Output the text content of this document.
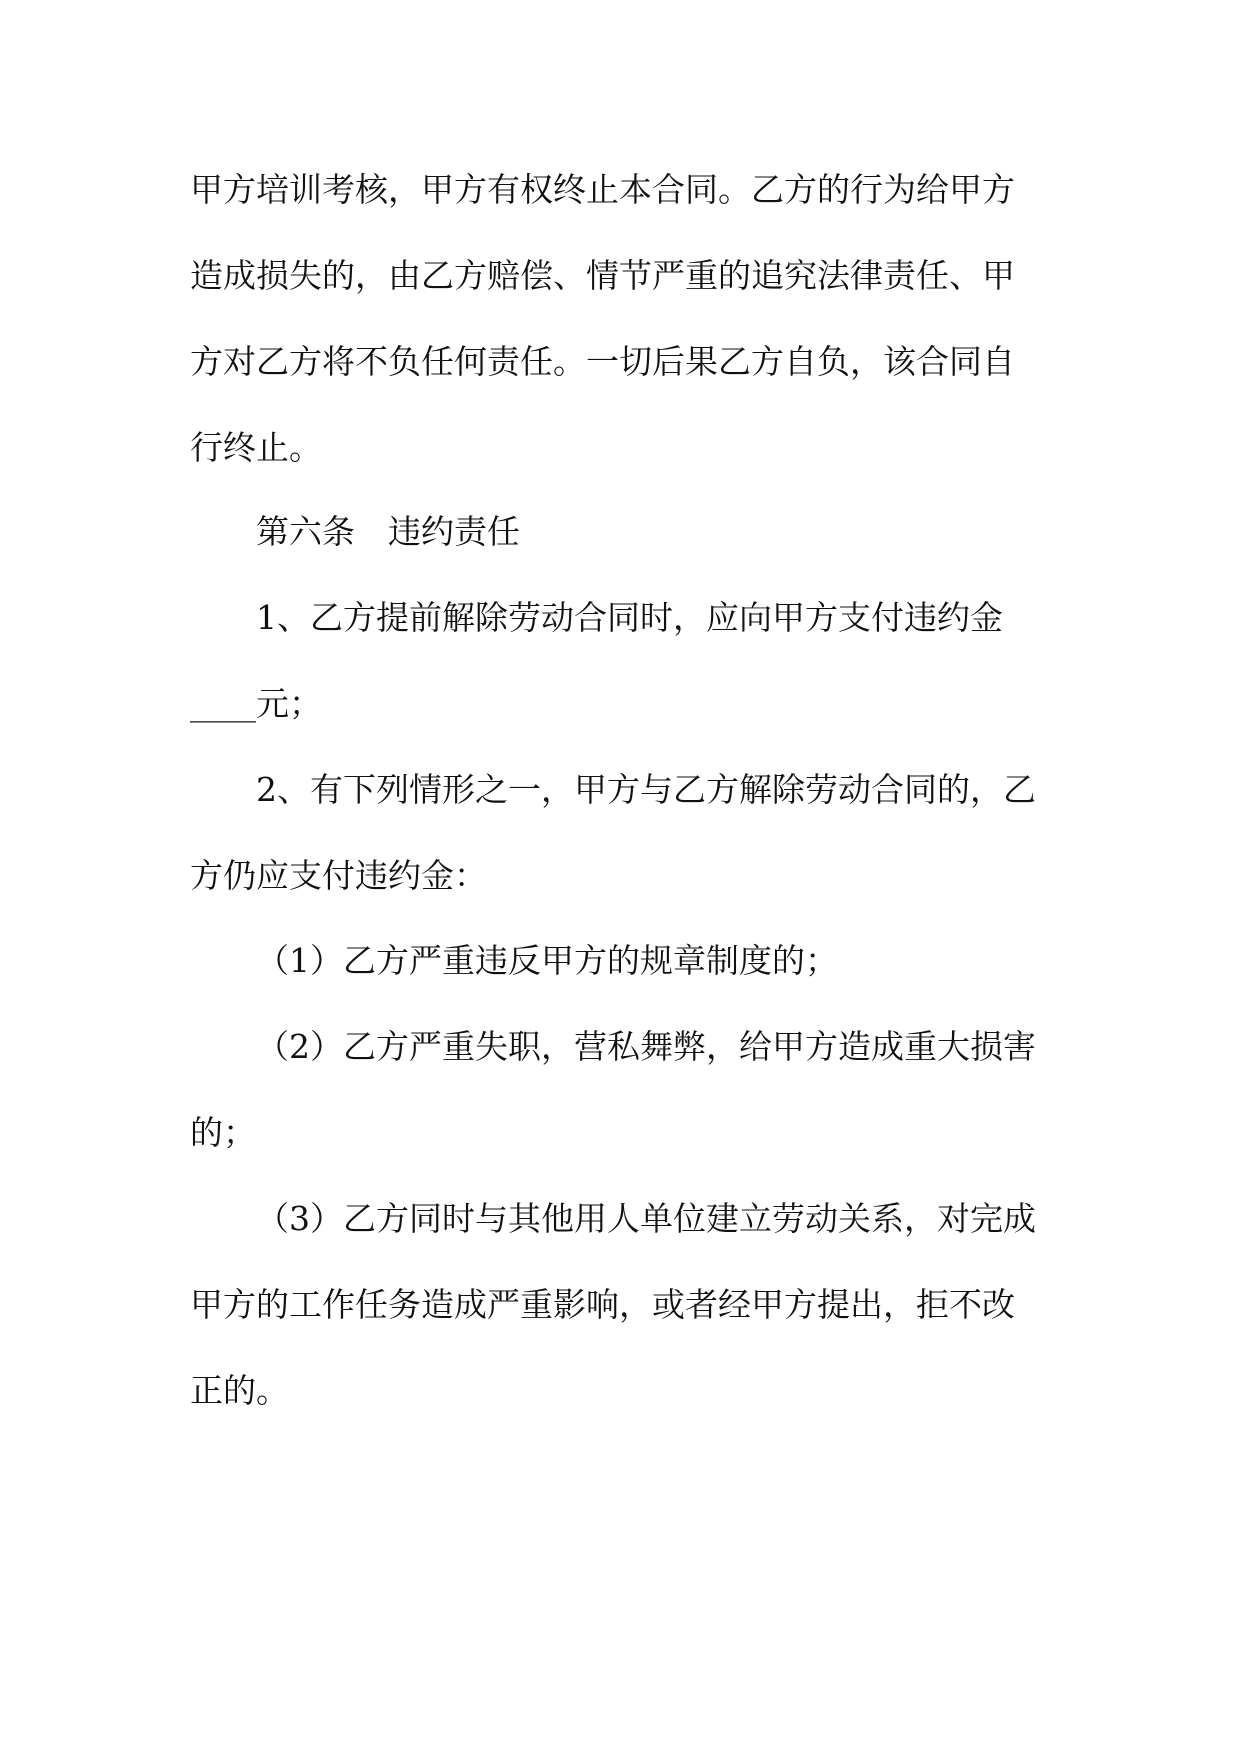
甲方培训考核，甲方有权终止本合同。乙方的行为给甲方
造成损失的，由乙方赔偿、情节严重的追究法律责任、甲
方对乙方将不负任何责任。一切后果乙方自负，该合同自
行终止。
第六条　违约责任
1、乙方提前解除劳动合同时，应向甲方支付违约金
____元；
2、有下列情形之一，甲方与乙方解除劳动合同的，乙
方仍应支付违约金：
（1）乙方严重违反甲方的规章制度的；
（2）乙方严重失职，营私舞弊，给甲方造成重大损害
的；
（3）乙方同时与其他用人单位建立劳动关系，对完成
甲方的工作任务造成严重影响，或者经甲方提出，拒不改
正的。
